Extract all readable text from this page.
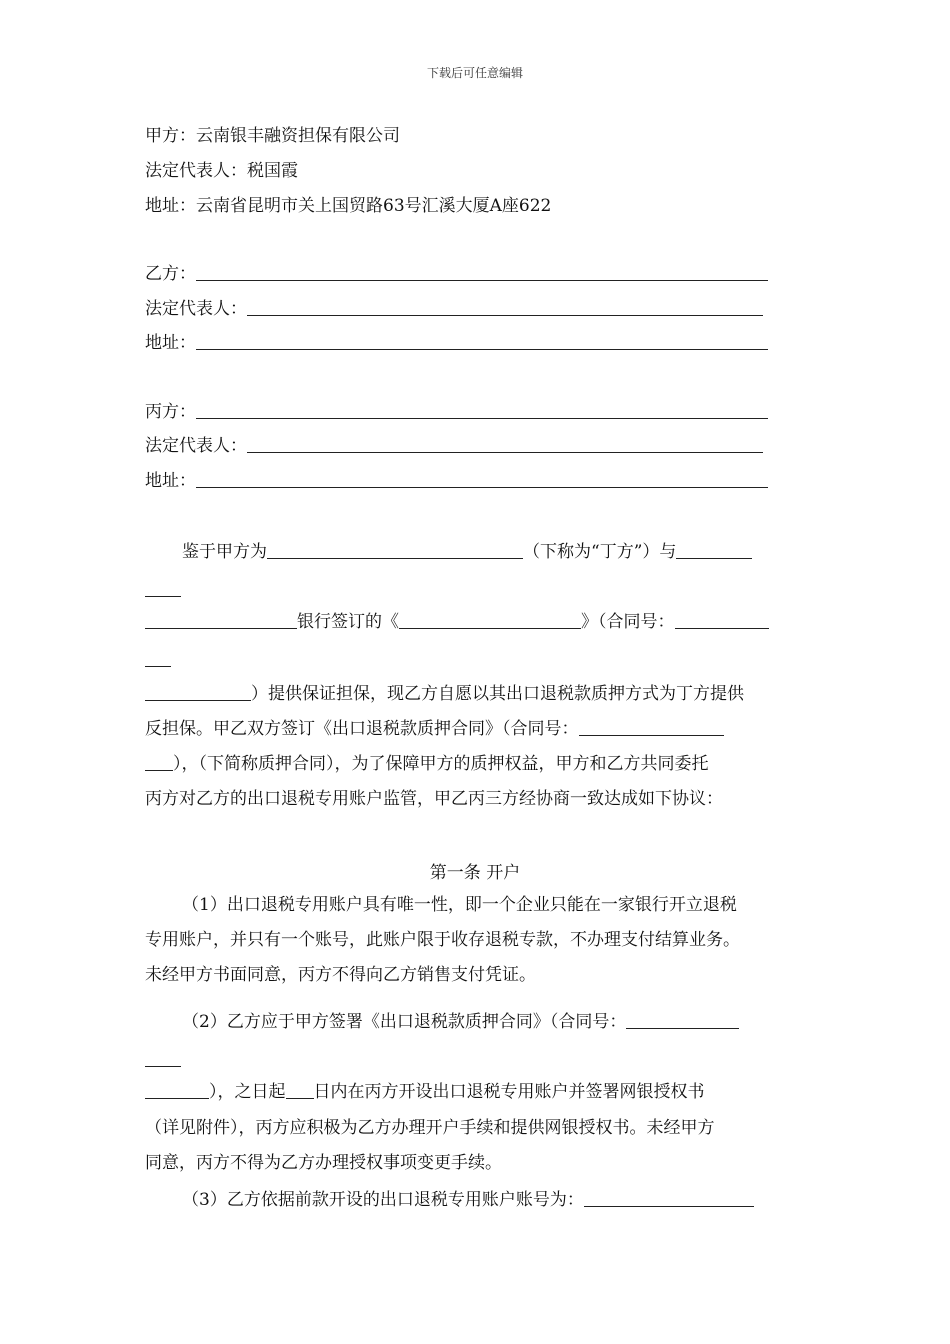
下载后可任意编辑
甲方：云南银丰融资担保有限公司
法定代表人：税国霞
地址：云南省昆明市关上国贸路63号汇溪大厦A座622
乙方：
法定代表人：
地址：
丙方：
法定代表人：
地址：
鉴于甲方为	（下称为“丁方”）与
银行签订的《	》（合同号：
）提供保证担保，现乙方自愿以其出口退税款质押方式为丁方提供
反担保。甲乙双方签订《出口退税款质押合同》（合同号：
），（下简称质押合同），为了保障甲方的质押权益，甲方和乙方共同委托
丙方对乙方的出口退税专用账户监管，甲乙丙三方经协商一致达成如下协议：
第一条 开户
（1）出口退税专用账户具有唯一性，即一个企业只能在一家银行开立退税
专用账户，并只有一个账号，此账户限于收存退税专款，不办理支付结算业务。
未经甲方书面同意，丙方不得向乙方销售支付凭证。
（2）乙方应于甲方签署《出口退税款质押合同》（合同号：
），之日起 日内在丙方开设出口退税专用账户并签署网银授权书
（详见附件），丙方应积极为乙方办理开户手续和提供网银授权书。未经甲方
同意，丙方不得为乙方办理授权事项变更手续。
（3）乙方依据前款开设的出口退税专用账户账号为：
